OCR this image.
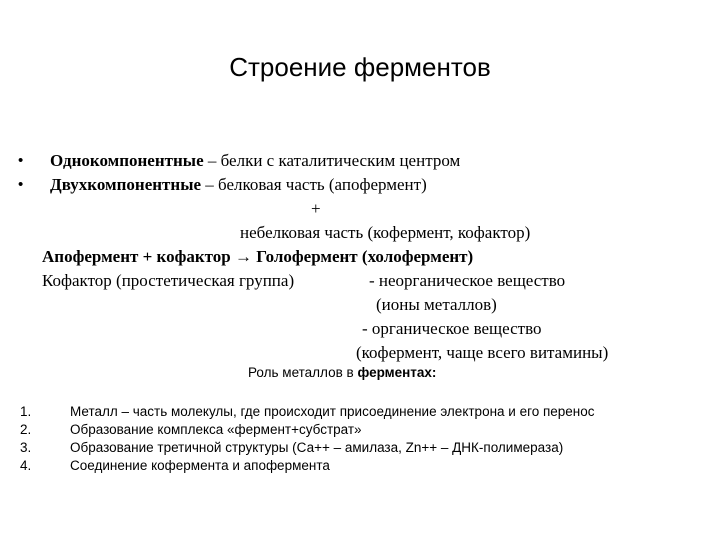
Строение ферментов
• Однокомпонентные – белки с каталитическим центром
• Двухкомпонентные – белковая часть (апофермент)
+
небелковая часть (кофермент, кофактор)
Апофермент + кофактор → Голофермент (холофермент)
Кофактор (простетическая группа)	- неорганическое вещество
(ионы металлов)
- органическое вещество
(кофермент, чаще всего витамины)
Роль металлов в ферментах:
1.	Металл – часть молекулы, где происходит присоединение электрона и его перенос
2.	Образование комплекса «фермент+субстрат»
3.	Образование третичной структуры (Са++ – амилаза, Zn++ – ДНК-полимераза)
4.	Соединение кофермента и апофермента
